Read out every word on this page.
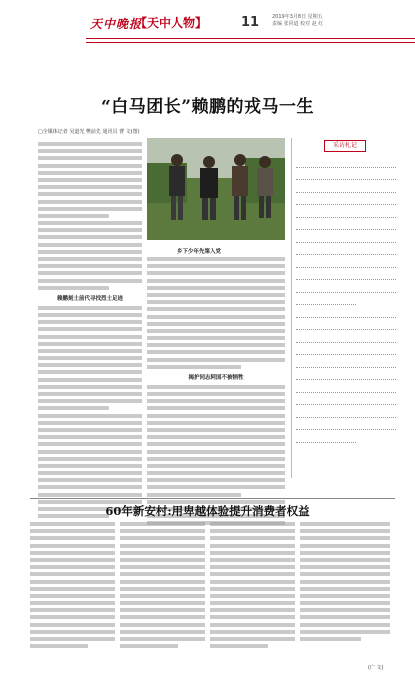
天中晚报
【天中人物】	11	2019年3月8日 星期五
责编 张同道 校对 赵 红
“白马团长”赖鹏的戎马一生
□全媒体记者 吴道光 樊前先 通讯员 曹 文(图)
赖鹏刻土前代寻找烈士足迹
乡下少年先第入党
揭护同志阿国不被牺牲
采访札记
60年新安村:用卑越体验提升消费者权益
(广 文)
